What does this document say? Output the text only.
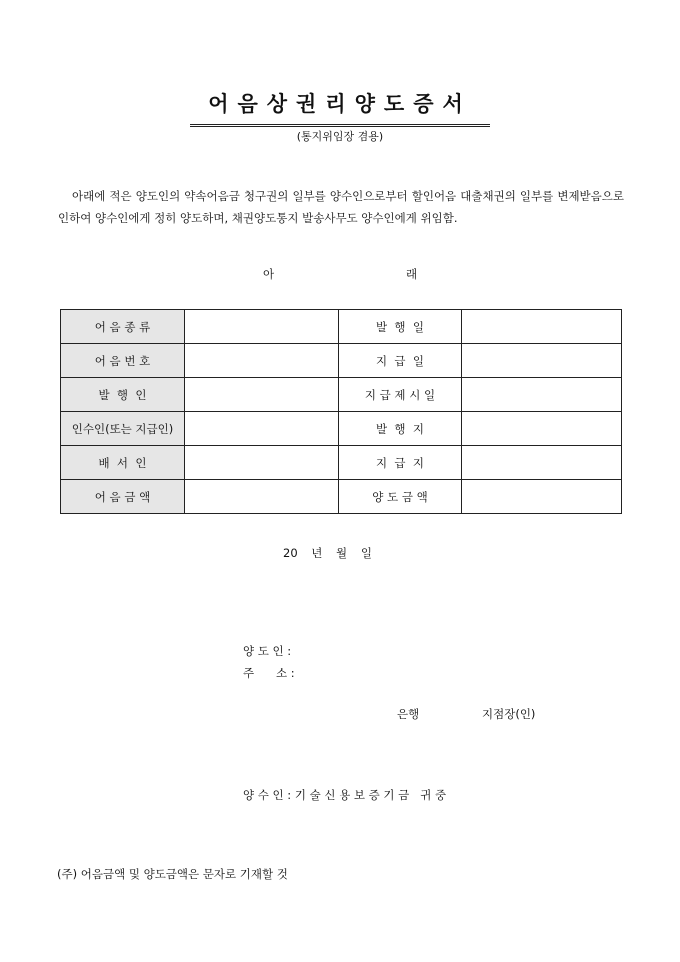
어음상권리양도증서
(통지위임장 겸용)
아래에 적은 양도인의 약속어음금 청구권의 일부를 양수인으로부터 할인어음 대출채권의 일부를 변제받음으로 인하여 양수인에게 정히 양도하며, 채권양도통지 발송사무도 양수인에게 위임함.
아	래
어 음 종 류		발  행  일	
어 음 번 호		지  급  일	
발  행  인		지 급 제 시 일	
인수인(또는 지급인)		발  행  지	
배  서  인		지  급  지	
어 음 금 액		양 도 금 액	
20 년 월 일
양 도 인 :
주      소 :
은행	지점장(인)
양 수 인 : 기 술 신 용 보 증 기 금   귀 중
(주) 어음금액 및 양도금액은 문자로 기재할 것
